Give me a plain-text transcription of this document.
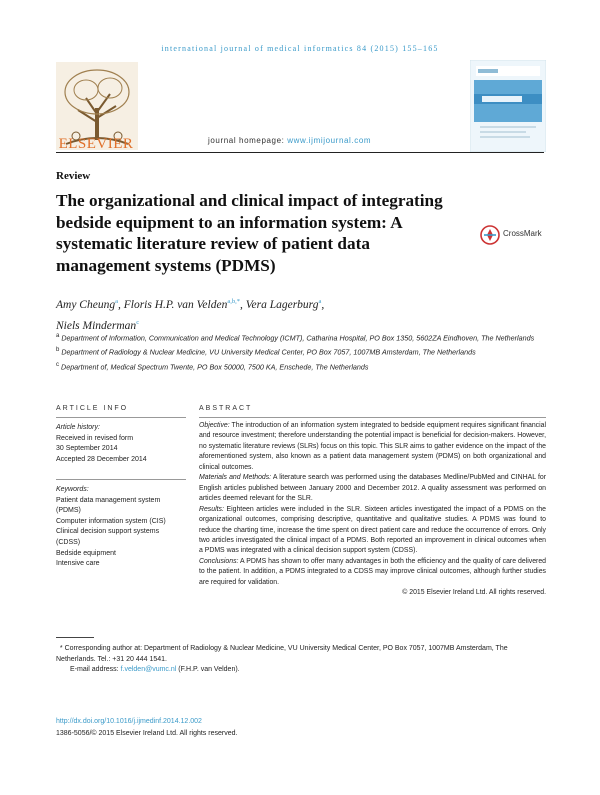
international journal of medical informatics 84 (2015) 155–165
ELSEVIER	journal homepage: www.ijmijournal.com
Review
The organizational and clinical impact of integrating bedside equipment to an information system: A systematic literature review of patient data management systems (PDMS)
CrossMark
Amy Cheung$^a$, Floris H.P. van Velden$^{a,b,*}$, Vera Lagerburg$^a$,
Niels Minderman$^c$
$^a$ Department of Information, Communication and Medical Technology (ICMT), Catharina Hospital, PO Box 1350, 5602ZA Eindhoven, The Netherlands
$^b$ Department of Radiology & Nuclear Medicine, VU University Medical Center, PO Box 7057, 1007MB Amsterdam, The Netherlands
$^c$ Department of, Medical Spectrum Twente, PO Box 50000, 7500 KA, Enschede, The Netherlands
ARTICLE INFO	ABSTRACT
Article history:
Received in revised form
30 September 2014
Accepted 28 December 2014
Keywords:
Patient data management system
(PDMS)
Computer information system (CIS)
Clinical decision support systems
(CDSS)
Bedside equipment
Intensive care

Objective: The introduction of an information system integrated to bedside equipment requires significant financial and resource investment; therefore understanding the potential impact is beneficial for decision-makers. However, no systematic literature reviews (SLRs) focus on this topic. This SLR aims to gather evidence on the impact of the aforementioned system, also known as a patient data management system (PDMS) on both organizational and clinical outcomes.

Materials and Methods: A literature search was performed using the databases Medline/PubMed and CINHAL for English articles published between January 2000 and December 2012. A quality assessment was performed on articles deemed relevant for the SLR.

Results: Eighteen articles were included in the SLR. Sixteen articles investigated the impact of a PDMS on the organizational outcomes, comprising descriptive, quantitative and qualitative studies. A PDMS was found to reduce the charting time, increase the time spent on direct patient care and reduce the occurrence of errors. Only two articles investigated the clinical impact of a PDMS. Both reported an improvement in clinical outcomes when a PDMS was integrated with a clinical decision support system (CDSS).

Conclusions: A PDMS has shown to offer many advantages in both the efficiency and the quality of care delivered to the patient. In addition, a PDMS integrated to a CDSS may improve clinical outcomes, although further studies are required for validation.

© 2015 Elsevier Ireland Ltd. All rights reserved.

* Corresponding author at: Department of Radiology & Nuclear Medicine, VU University Medical Center, PO Box 7057, 1007MB Amsterdam, The Netherlands. Tel.: +31 20 444 1541.

E-mail address: f.velden@vumc.nl (F.H.P. van Velden).

http://dx.doi.org/10.1016/j.ijmedinf.2014.12.002
1386-5056/© 2015 Elsevier Ireland Ltd. All rights reserved.
